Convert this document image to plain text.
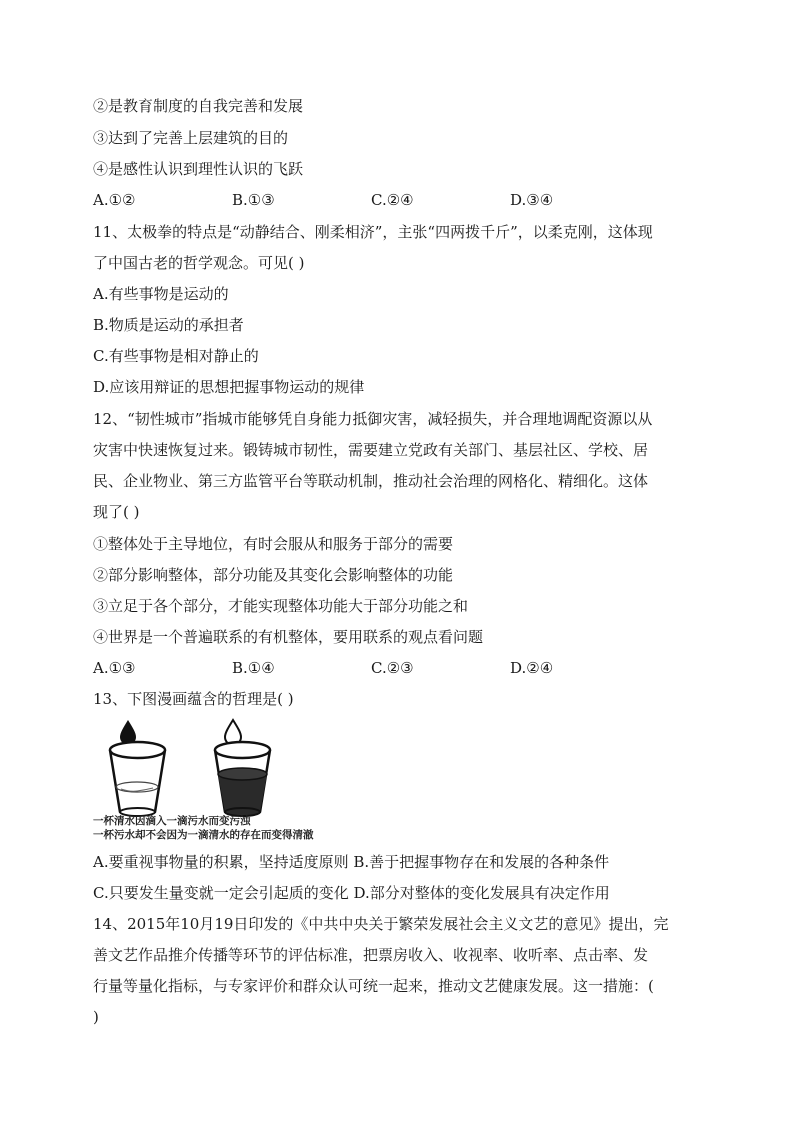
②是教育制度的自我完善和发展
③达到了完善上层建筑的目的
④是感性认识到理性认识的飞跃
A.①②	B.①③	C.②④	D.③④
11、太极拳的特点是“动静结合、刚柔相济”，主张“四两拨千斤”，以柔克刚，这体现
了中国古老的哲学观念。可见( )
A.有些事物是运动的
B.物质是运动的承担者
C.有些事物是相对静止的
D.应该用辩证的思想把握事物运动的规律
12、“韧性城市”指城市能够凭自身能力抵御灾害，减轻损失，并合理地调配资源以从
灾害中快速恢复过来。锻铸城市韧性，需要建立党政有关部门、基层社区、学校、居
民、企业物业、第三方监管平台等联动机制，推动社会治理的网格化、精细化。这体
现了( )
①整体处于主导地位，有时会服从和服务于部分的需要
②部分影响整体，部分功能及其变化会影响整体的功能
③立足于各个部分，才能实现整体功能大于部分功能之和
④世界是一个普遍联系的有机整体，要用联系的观点看问题
A.①③	B.①④	C.②③	D.②④
13、下图漫画蕴含的哲理是( )
一杯清水因滴入一滴污水而变污浊
一杯污水却不会因为一滴清水的存在而变得清澈
A.要重视事物量的积累，坚持适度原则 B.善于把握事物存在和发展的各种条件
C.只要发生量变就一定会引起质的变化 D.部分对整体的变化发展具有决定作用
14、2015年10月19日印发的《中共中央关于繁荣发展社会主义文艺的意见》提出，完
善文艺作品推介传播等环节的评估标准，把票房收入、收视率、收听率、点击率、发
行量等量化指标，与专家评价和群众认可统一起来，推动文艺健康发展。这一措施：(
)
